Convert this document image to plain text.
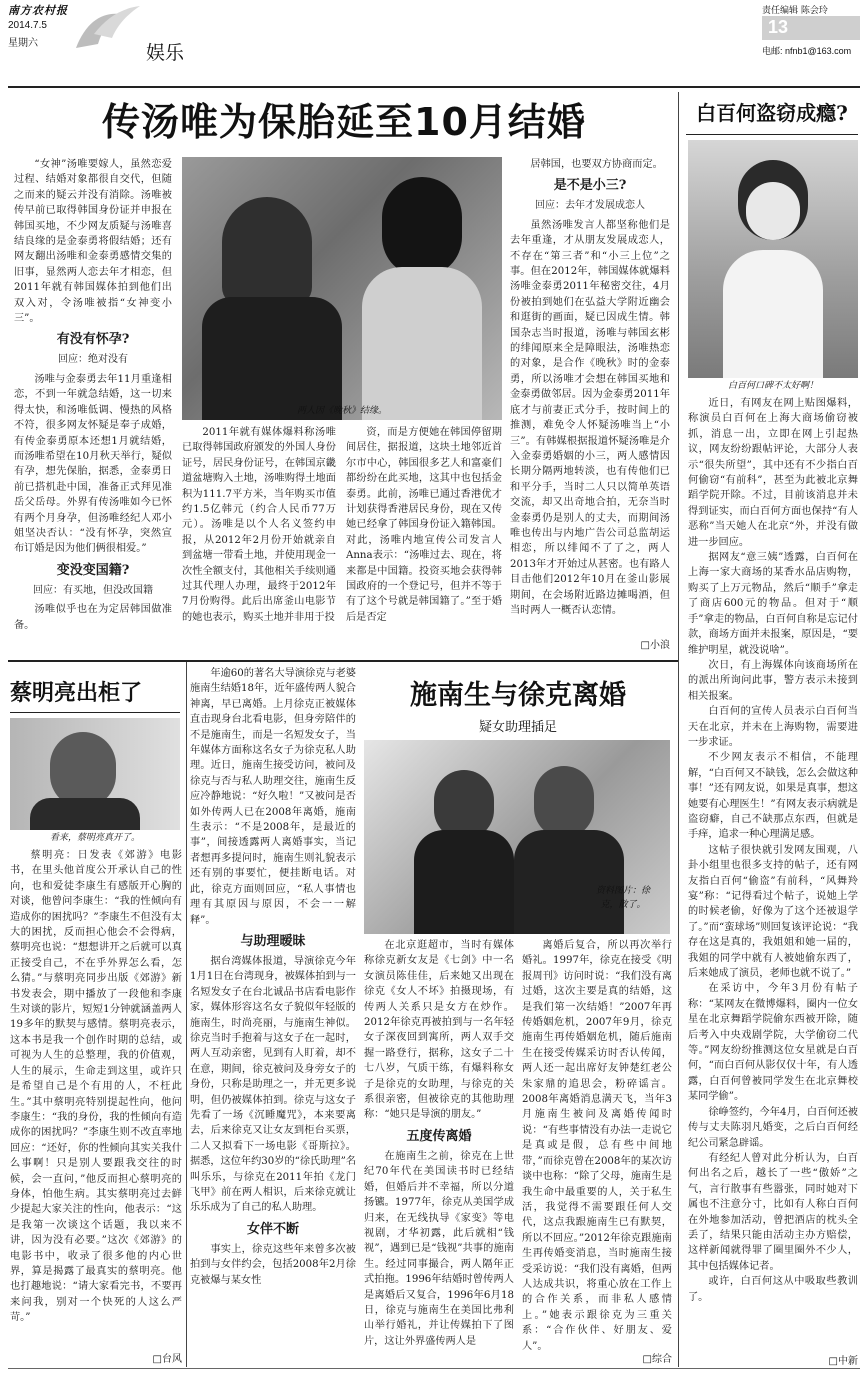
南方农村报
2014.7.5
星期六	娱乐
责任编辑 陈会玲
13
电邮: nfnb1@163.com
传汤唯为保胎延至10月结婚

“女神”汤唯要嫁人，虽然恋爱过程、结婚对象都很自交代，但随之而来的疑云并没有消除。汤唯被传早前已取得韩国身份证并申报在韩国买地，不少网友质疑与汤唯喜结良缘的是金泰勇将假结婚；还有网友翻出汤唯和金泰勇感情交集的旧事，显然两人恋去年才相恋，但2011年就有韩国媒体拍到他们出双入对，令汤唯被指“女神变小三”。

有没有怀孕?

回应：绝对没有

汤唯与金泰勇去年11月重逢相恋，不到一年就急结婚，这一切来得太快，和汤唯低调、慢热的风格不符，很多网友怀疑是奉子成婚，有传金泰勇原本还想1月就结婚，而汤唯希望在10月秋天举行，疑似有孕，想先保胎，据悉，金泰勇日前已搭机赴中国，准备正式拜见准岳父岳母。外界有传汤唯如今已怀有两个月身孕，但汤唯经纪人邓小姐坚决否认：“没有怀孕，突然宣布订婚是因为他们俩很相爱。”

变没变国籍?

回应：有买地，但没改国籍

汤唯似乎也在为定居韩国做准备。

两人因《晚秋》结缘。

2011年就有媒体爆料称汤唯已取得韩国政府颁发的外国人身份证号，居民身份证号，在韩国京畿道盆塘购入土地，汤唯购得土地面积为111.7平方米，当年购买市值约1.5亿韩元（约合人民币77万元）。汤唯是以个人名义签约申报，从2012年2月份开始就亲自到盆塘一带看土地，并使用现金一次性全额支付，其他相关手续则通过其代理人办理，最终于2012年7月份购得。此后出席釜山电影节的她也表示，购买土地并非用于投

资，而是方便她在韩国停留期间居住，据报道，这块土地邻近首尔市中心，韩国很多艺人和富豪们都纷纷在此买地，这其中也包括金泰勇。此前，汤唯已通过香港优才计划获得香港居民身份，现在又传她已经拿了韩国身份证入籍韩国。对此，汤唯内地宣传公司发言人Anna表示：“汤唯过去、现在，将来都是中国籍。投资买地会获得韩国政府的一个登记号，但并不等于有了这个号就是韩国籍了。”至于婚后是否定

居韩国，也要双方协商而定。

是不是小三?

回应：去年才发展成恋人

虽然汤唯发言人都坚称他们是去年重逢，才从朋友发展成恋人，不存在“第三者”和“小三上位”之事。但在2012年，韩国媒体就爆料汤唯金泰勇2011年秘密交往，4月份被拍到她们在弘益大学附近幽会和逛街的画面，疑已因成生情。韩国杂志当时报道，汤唯与韩国玄彬的绯闻原来全是障眼法，汤唯热恋的对象，是合作《晚秋》时的金泰勇，所以汤唯才会想在韩国买地和金泰勇做邻居。因为金泰勇2011年底才与前妻正式分手，按时间上的推测，难免令人怀疑汤唯当上“小三”。有韩媒根据报道怀疑汤唯是介入金泰勇婚姻的小三，两人感情因长期分隔两地转淡，也有传他们已和平分手，当时二人只以简单英语交流，却又出奇地合拍，无奈当时金泰勇仍是别人的丈夫，而期间汤唯也传出与内地广告公司总监胡运相恋，所以绯闻不了了之，两人2013年才开始过从甚密。也有路人目击他们2012年10月在釜山影展期间，在会场附近路边摊喝酒，但当时两人一概否认恋情。

□小浪
白百何盗窃成瘾?
白百何口碑不太好啊！

近日，有网友在网上贴图爆料，称演员白百何在上海大商场偷窃被抓，消息一出，立即在网上引起热议，网友纷纷跟帖评论，大部分人表示“很失所望”，其中还有不少指白百何偷窃“有前科”，甚至为此被北京舞蹈学院开除。不过，目前该消息并未得到证实，而白百何方面也保持“有人恶称”当天她人在北京“外，并没有做进一步回应。

据网友“意三姨”透露，白百何在上海一家大商场的某香水品店购物，购买了上万元物品，然后“顺手”拿走了商店600元的物品。但对于“顺手”拿走的物品，白百何自称是忘记付款，商场方面并未报案，原因是，“要维护明星，就没说啥”。

次日，有上海媒体向该商场所在的派出所询问此事，警方表示未接到相关报案。

白百何的宣传人员表示白百何当天在北京，并未在上海购物，需要进一步求证。

不少网友表示不相信，不能理解，“白百何又不缺钱，怎么会做这种事！”还有网友说，如果是真事，想这她要有心理医生！”有网友表示病就是盗窃癖，自己不缺那点东西，但就是手痒，追求一种心理满足感。

这帖子很快就引发网友围观，八卦小组里也很多支持的帖子，还有网友指白百何“偷盗”有前科，“风舞羚宴”称：“记得看过个帖子，说她上学的时候老偷，好像为了这个还被退学了。”而“蛮球场”则回复该评论说：“我存在这是真的，我姐姐和她一届的，我姐的同学中就有人被她偷东西了，后来她成了演员，老师也就不说了。”

在采访中，今年3月份有帖子称：“某网友在微博爆料，圈内一位女星在北京舞蹈学院偷东西被开除，随后考入中央戏剧学院，大学偷窃二代等。”网友纷纷推测这位女星就是白百何，“而白百何从影仅仅十年，有人透露，白百何曾被同学发生在北京舞校某同学偷”。

徐峥签约，今年4月，白百何还被传与丈夫陈羽凡婚变，之后白百何经纪公司紧急辟谣。

有经纪人曾对此分析认为，白百何出名之后，越长了一些“傲娇”之气，言行散事有些嚣张，同时她对下属也不注意分寸，比如有人称白百何在外地参加活动，曾把酒店的枕头全丢了，结果只能由活动主办方赔偿，这样新闻就得罪了圈里圈外不少人，其中包括媒体记者。

或许，白百何这从中吸取些教训了。

□中新
蔡明亮出柜了
看来，蔡明亮真开了。

蔡明亮：日发表《郊游》电影书，在里头他首度公开承认自己的性向，也和爱徒李康生有感版开心胸的对谈，他曾问李康生：“我的性倾向有造成你的困扰吗？”李康生不但没有太大的困扰，反而担心他会不会得病，蔡明亮也说：“想想讲开之后就可以真正接受自己，不在乎外界怎么看，怎么猜。”与蔡明亮同步出版《郊游》新书发表会，期中播放了一段他和李康生对谈的影片，短短1分钟就涵盖两人19多年的默契与感情。蔡明亮表示，这本书是我一个创作时期的总结，或可视为人生的总整理，我的价值观，人生的展示，生命走到这里，或许只是希望自己是个有用的人，不枉此生。”其中蔡明亮特别提起性向，他问李康生：“我的身份，我的性倾向有造成你的困扰吗？”李康生则不改直率地回应：“还好，你的性倾向其实关我什么事啊！只是别人要跟我交往的时候，会一直问，”他反而担心蔡明亮的身体，怕他生病。其实蔡明亮过去鲜少提起大家关注的性向，他表示：“这是我第一次谈这个话题，我以来不讲，因为没有必要。”这次《郊游》的电影书中，收录了很多他的内心世界，算是揭露了最真实的蔡明亮。他也打趣地说：“请大家看完书，不要再来问我，别对一个快死的人这么严苛。”

□台风

年逾60的著名大导演徐克与老婆施南生结婚18年，近年盛传两人貌合神离，早已离婚。上月徐克正被媒体直击现身台北看电影，但身旁陪伴的不是施南生，而是一名短发女子，当年媒体方面称这名女子为徐克私人助理。近日，施南生接受访问，被问及徐克与否与私人助理交往，施南生反应冷静地说：“好久啦！”又被问是否如外传两人已在2008年离婚，施南生表示：“不是2008年，是最近的事”，间接透露两人离婚事实，当记者想再多提问时，施南生则礼貌表示还有别的事要忙，便挂断电话。对此，徐克方面则回应，“私人事情也理有其原因与原因，不会一一解释”。

与助理暧昧

据台湾媒体报道，导演徐克今年1月1日在台湾现身，被媒体拍到与一名短发女子在台北诚品书店看电影作家，媒体形容这名女子貌似年轻版的施南生，时尚亮丽，与施南生神似。徐克当时手抱着与这女子在一起时，两人互动亲密，见到有人盯着，却不在意，期间，徐克被问及身旁女子的身份，只称是助理之一，并无更多说明，但仍被媒体拍到。徐克与这女子先看了一场《沉睡魔咒》，本来要离去，后来徐克又让女友到柜台买票，二人又拟看下一场电影《哥斯拉》。据悉，这位年约30岁的“徐氏助理”名叫乐乐，与徐克在2011年拍《龙门飞甲》前在两人相识，后来徐克就让乐乐成为了自己的私人助理。

女伴不断

事实上，徐克这些年来曾多次被拍到与女伴约会，包括2008年2月徐克被爆与某女性

施南生与徐克离婚
疑女助理插足
资料图片：徐克，散了。

在北京逛超市，当时有媒体称徐克新女友是《七剑》中一名女演员陈佳佳，后来她又出现在徐克《女人不坏》拍摄现场，有传两人关系只是女方在炒作。2012年徐克再被拍到与一名年轻女子深夜回到寓所，两人双手交握一路登行，据称，这女子二十七八岁，气质干练，有爆料称女子是徐克的女助理，与徐克的关系很亲密，但被徐克的其他助理称：“她只是导演的朋友。”

五度传离婚

在施南生之前，徐克在上世纪70年代在美国读书时已经结婚，但婚后并不幸福，所以分道扬镳。1977年，徐克从美国学成归来，在无线执导《家变》等电视剧，才华初露，此后就相“钱视”，遇到已是“钱视”共事的施南生。经过同事撮合，两人隔年正式拍拖。1996年结婚时曾传两人是离婚后又复合，1996年6月18日，徐克与施南生在美国比弗利山举行婚礼，并让传媒拍下了图片，这让外界盛传两人是

离婚后复合，所以再次举行婚礼。1997年，徐克在接受《明报周刊》访问时说：“我们没有离过婚，这次主要是真的结婚，这是我们第一次结婚！”2007年再传婚姻危机，2007年9月，徐克施南生再传婚姻危机，随后施南生在接受传媒采访时否认传闻，两人还一起出席好友钟楚红老公朱家鼎的追思会，粉碎谣言。2008年离婚消息满天飞，当年3月施南生被问及离婚传闻时说：“有些事情没有办法一走说它是真或是假，总有些中间地带，”而徐克曾在2008年的某次访谈中也称：“除了父母，施南生是我生命中最重要的人，关于私生活，我觉得不需要跟任何人交代，这点我跟施南生已有默契，所以不回应。”2012年徐克跟施南生再传婚变消息，当时施南生接受采访说：“我们没有离婚，但两人达成共识，将重心放在工作上的合作关系，而非私人感情上。”她表示跟徐克为三重关系：“合作伙伴、好朋友、爱人”。

□综合
